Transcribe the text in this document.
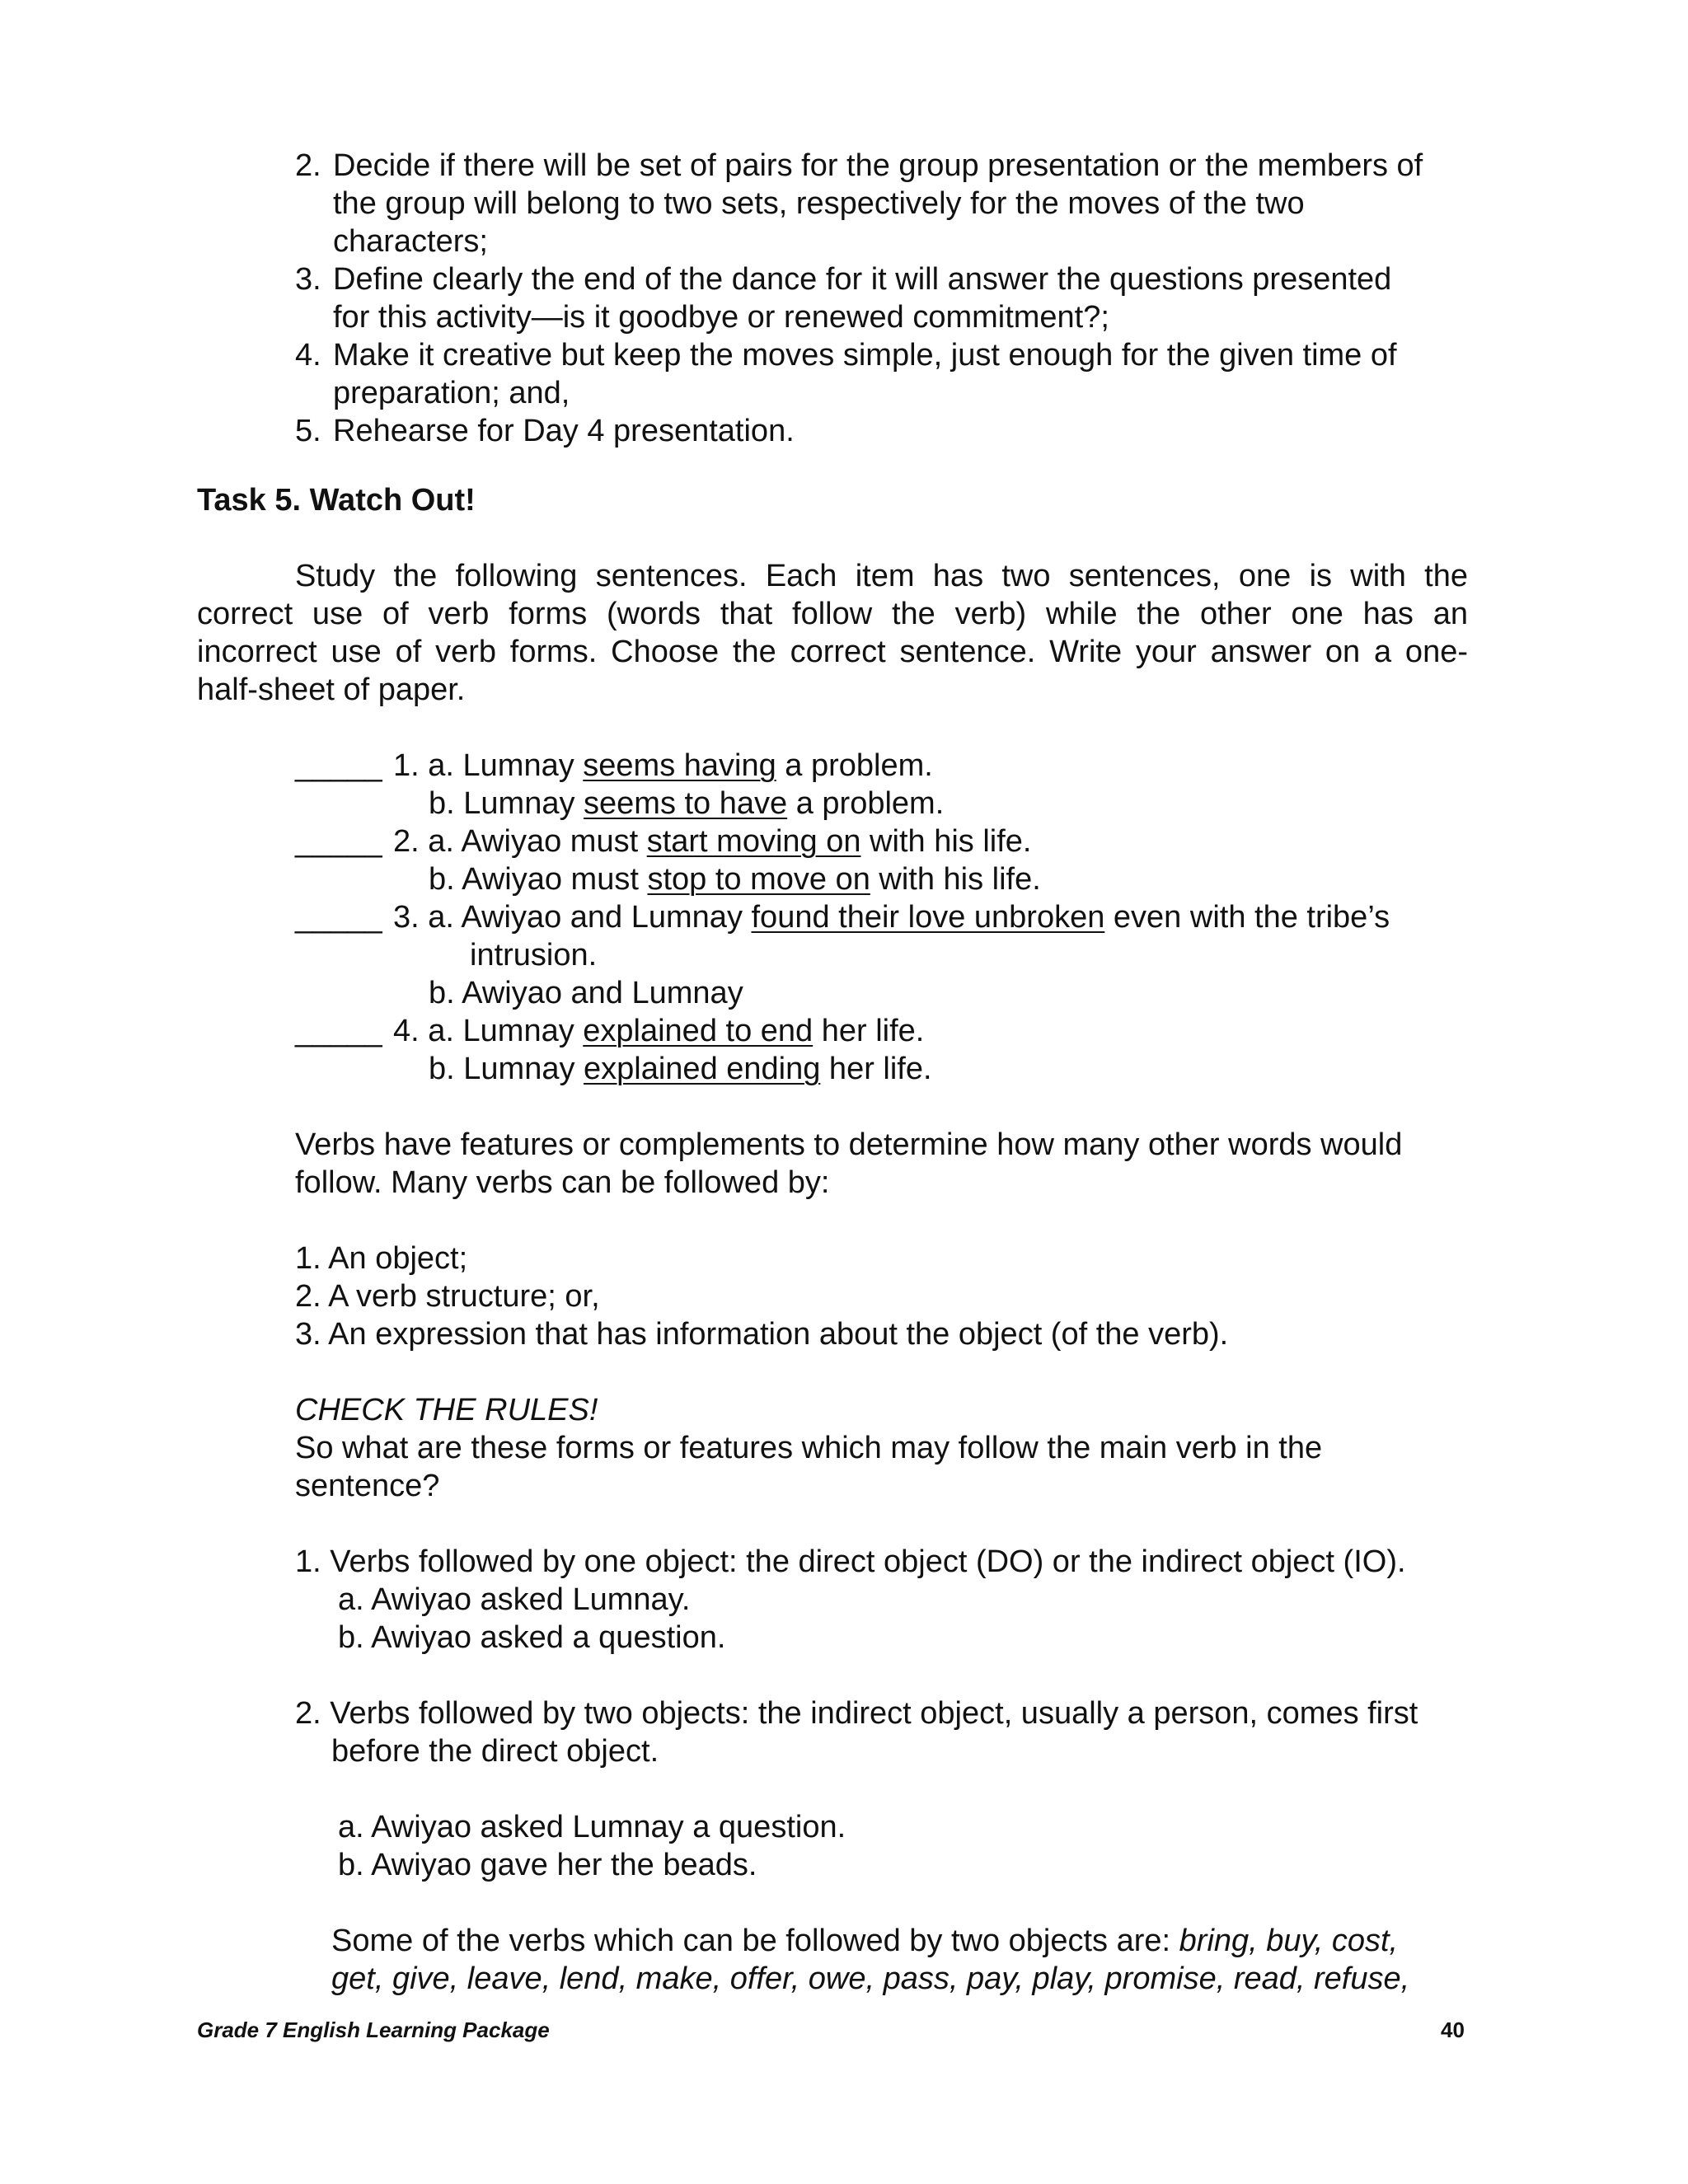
2. Decide if there will be set of pairs for the group presentation or the members of
the group will belong to two sets, respectively for the moves of the two
characters;
3. Define clearly the end of the dance for it will answer the questions presented
for this activity—is it goodbye or renewed commitment?;
4. Make it creative but keep the moves simple, just enough for the given time of
preparation; and,
5. Rehearse for Day 4 presentation.
Task 5. Watch Out!
Study the following sentences. Each item has two sentences, one is with the
correct use of verb forms (words that follow the verb) while the other one has an
incorrect use of verb forms. Choose the correct sentence. Write your answer on a one-
half-sheet of paper.
_____ 1. a. Lumnay seems having a problem.
b. Lumnay seems to have a problem.
_____ 2. a. Awiyao must start moving on with his life.
b. Awiyao must stop to move on with his life.
_____ 3. a. Awiyao and Lumnay found their love unbroken even with the tribe’s
intrusion.
b. Awiyao and Lumnay
_____ 4. a. Lumnay explained to end her life.
b. Lumnay explained ending her life.
Verbs have features or complements to determine how many other words would
follow. Many verbs can be followed by:
1. An object;
2. A verb structure; or,
3. An expression that has information about the object (of the verb).
CHECK THE RULES!
So what are these forms or features which may follow the main verb in the
sentence?
1. Verbs followed by one object: the direct object (DO) or the indirect object (IO).
a. Awiyao asked Lumnay.
b. Awiyao asked a question.
2. Verbs followed by two objects: the indirect object, usually a person, comes first
before the direct object.
a. Awiyao asked Lumnay a question.
b. Awiyao gave her the beads.
Some of the verbs which can be followed by two objects are: bring, buy, cost,
get, give, leave, lend, make, offer, owe, pass, pay, play, promise, read, refuse,
Grade 7 English Learning Package	40
